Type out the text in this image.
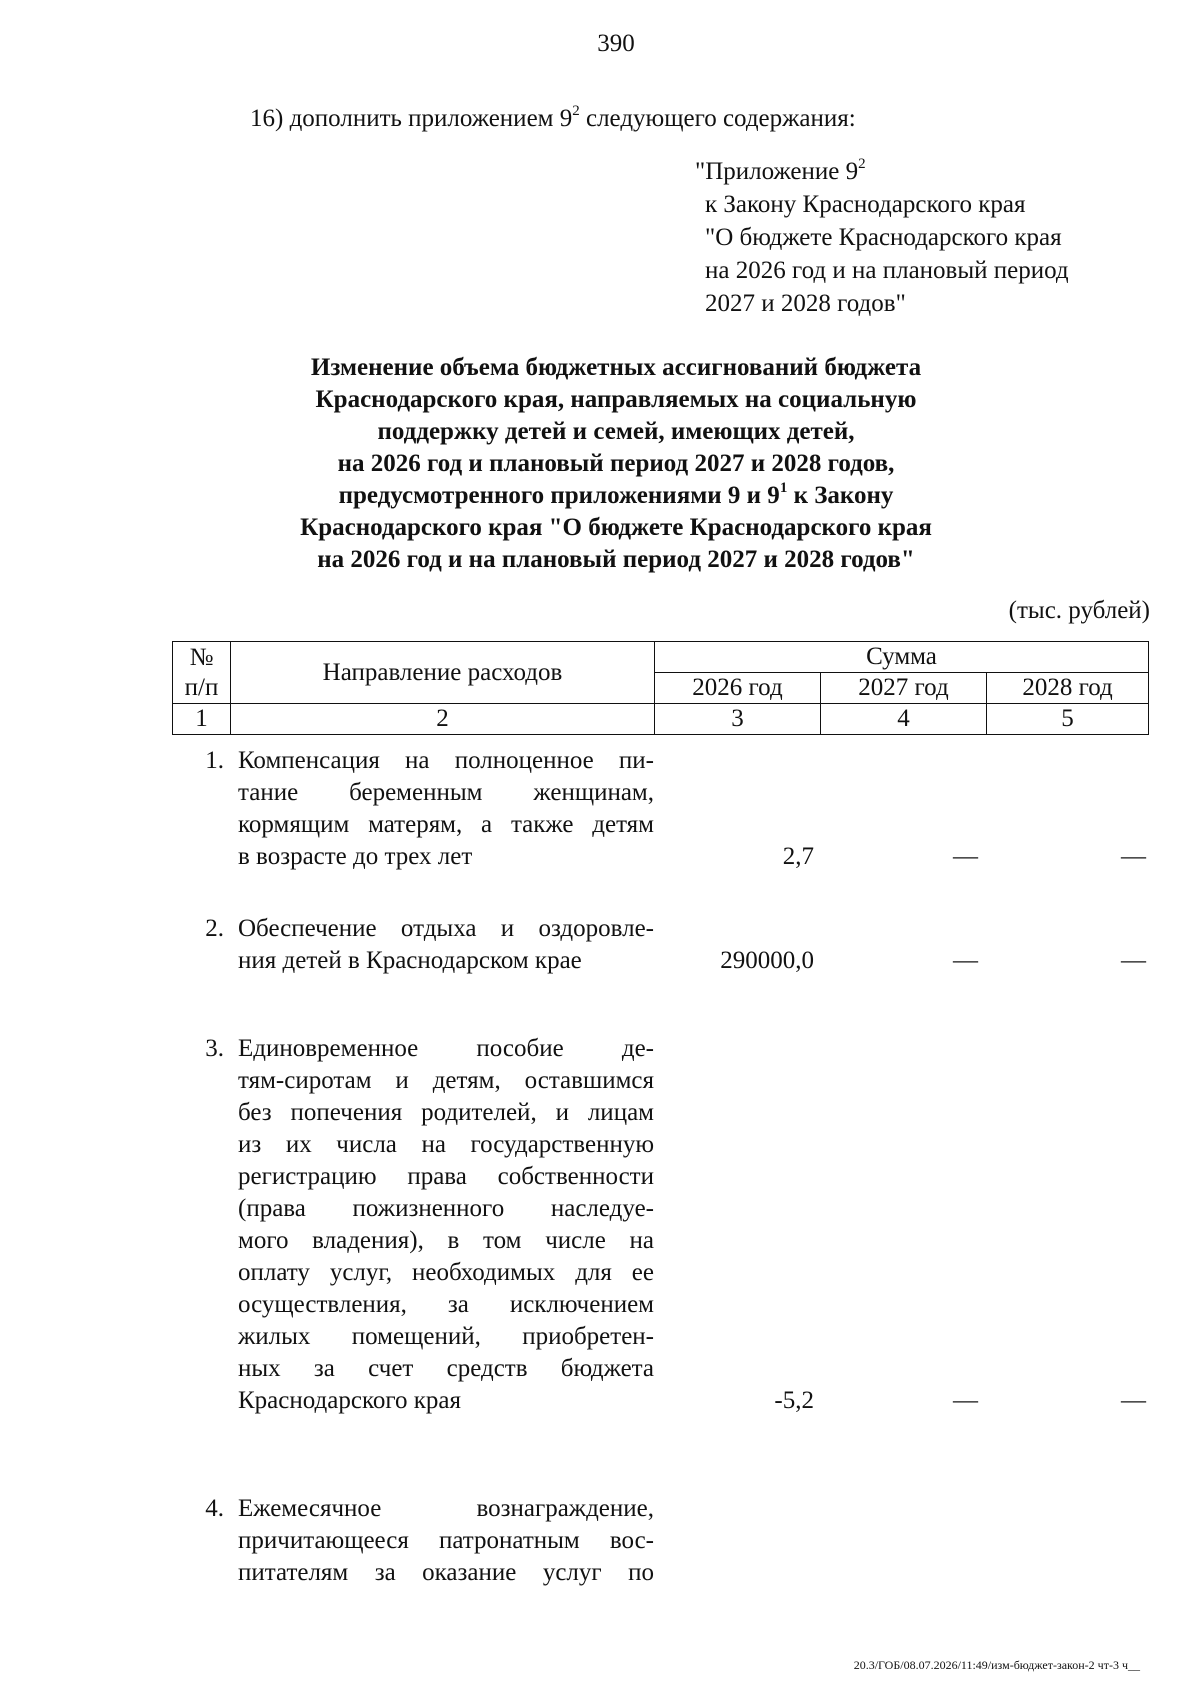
390
16) дополнить приложением $9^2$ следующего содержания:
"Приложение $9^2$
к Закону Краснодарского края
"О бюджете Краснодарского края
на 2026 год и на плановый период
2027 и 2028 годов"
Изменение объема бюджетных ассигнований бюджета
Краснодарского края, направляемых на социальную
поддержку детей и семей, имеющих детей,
на 2026 год и плановый период 2027 и 2028 годов,
предусмотренного приложениями 9 и $9^1$ к Закону
Краснодарского края "О бюджете Краснодарского края
на 2026 год и на плановый период 2027 и 2028 годов"
(тыс. рублей)
№
п/п	Направление расходов	Сумма		
		2026 год	2027 год	2028 год
1	2	3	4	5
1. Компенсация на полноценное пи-
тание беременным женщинам,
кормящим матерям, а также детям
в возрасте до трех лет	2,7	—	—
2. Обеспечение отдыха и оздоровле-
ния детей в Краснодарском крае	290000,0	—	—
3. Единовременное пособие де-
тям-сиротам и детям, оставшимся
без попечения родителей, и лицам
из их числа на государственную
регистрацию права собственности
(права пожизненного наследуе-
мого владения), в том числе на
оплату услуг, необходимых для ее
осуществления, за исключением
жилых помещений, приобретен-
ных за счет средств бюджета
Краснодарского края	-5,2	—	—
4. Ежемесячное вознаграждение,
причитающееся патронатным вос-
питателям за оказание услуг по
20.3/ГОБ/08.07.2026/11:49/изм-бюджет-закон-2 чт-3 ч__
